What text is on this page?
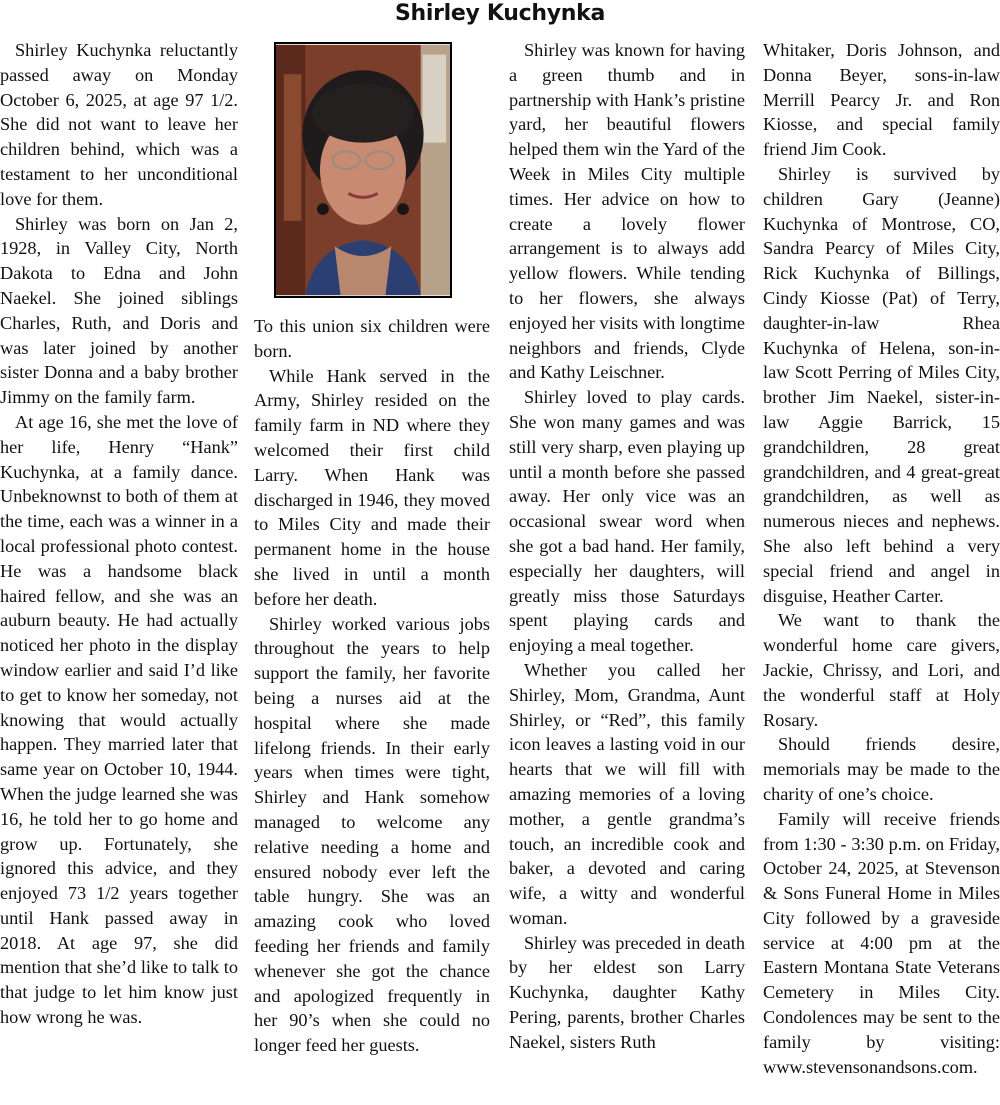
Shirley Kuchynka

Shirley Kuchynka reluctantly passed away on Monday October 6, 2025, at age 97 1/2. She did not want to leave her children behind, which was a testament to her unconditional love for them.

Shirley was born on Jan 2, 1928, in Valley City, North Dakota to Edna and John Naekel. She joined siblings Charles, Ruth, and Doris and was later joined by another sister Donna and a baby brother Jimmy on the family farm.

At age 16, she met the love of her life, Henry “Hank” Kuchynka, at a family dance. Unbeknownst to both of them at the time, each was a winner in a local professional photo contest. He was a handsome black haired fellow, and she was an auburn beauty. He had actually noticed her photo in the display window earlier and said I’d like to get to know her someday, not knowing that would actually happen. They married later that same year on October 10, 1944. When the judge learned she was 16, he told her to go home and grow up. Fortunately, she ignored this advice, and they enjoyed 73 1/2 years together until Hank passed away in 2018. At age 97, she did mention that she’d like to talk to that judge to let him know just how wrong he was.

To this union six children were born.

While Hank served in the Army, Shirley resided on the family farm in ND where they welcomed their first child Larry. When Hank was discharged in 1946, they moved to Miles City and made their permanent home in the house she lived in until a month before her death.

Shirley worked various jobs throughout the years to help support the family, her favorite being a nurses aid at the hospital where she made lifelong friends. In their early years when times were tight, Shirley and Hank somehow managed to welcome any relative needing a home and ensured nobody ever left the table hungry. She was an amazing cook who loved feeding her friends and family whenever she got the chance and apologized frequently in her 90’s when she could no longer feed her guests.

Shirley was known for having a green thumb and in partnership with Hank’s pristine yard, her beautiful flowers helped them win the Yard of the Week in Miles City multiple times. Her advice on how to create a lovely flower arrangement is to always add yellow flowers. While tending to her flowers, she always enjoyed her visits with longtime neighbors and friends, Clyde and Kathy Leischner.

Shirley loved to play cards. She won many games and was still very sharp, even playing up until a month before she passed away. Her only vice was an occasional swear word when she got a bad hand. Her family, especially her daughters, will greatly miss those Saturdays spent playing cards and enjoying a meal together.

Whether you called her Shirley, Mom, Grandma, Aunt Shirley, or “Red”, this family icon leaves a lasting void in our hearts that we will fill with amazing memories of a loving mother, a gentle grandma’s touch, an incredible cook and baker, a devoted and caring wife, a witty and wonderful woman.

Shirley was preceded in death by her eldest son Larry Kuchynka, daughter Kathy Pering, parents, brother Charles Naekel, sisters Ruth

Whitaker, Doris Johnson, and Donna Beyer, sons-in-law Merrill Pearcy Jr. and Ron Kiosse, and special family friend Jim Cook.

Shirley is survived by children Gary (Jeanne) Kuchynka of Montrose, CO, Sandra Pearcy of Miles City, Rick Kuchynka of Billings, Cindy Kiosse (Pat) of Terry, daughter-in-law Rhea Kuchynka of Helena, son-in-law Scott Perring of Miles City, brother Jim Naekel, sister-in-law Aggie Barrick, 15 grandchildren, 28 great grandchildren, and 4 great-great grandchildren, as well as numerous nieces and nephews. She also left behind a very special friend and angel in disguise, Heather Carter.

We want to thank the wonderful home care givers, Jackie, Chrissy, and Lori, and the wonderful staff at Holy Rosary.

Should friends desire, memorials may be made to the charity of one’s choice.

Family will receive friends from 1:30 - 3:30 p.m. on Friday, October 24, 2025, at Stevenson & Sons Funeral Home in Miles City followed by a graveside service at 4:00 pm at the Eastern Montana State Veterans Cemetery in Miles City. Condolences may be sent to the family by visiting: www.stevensonandsons.com.
